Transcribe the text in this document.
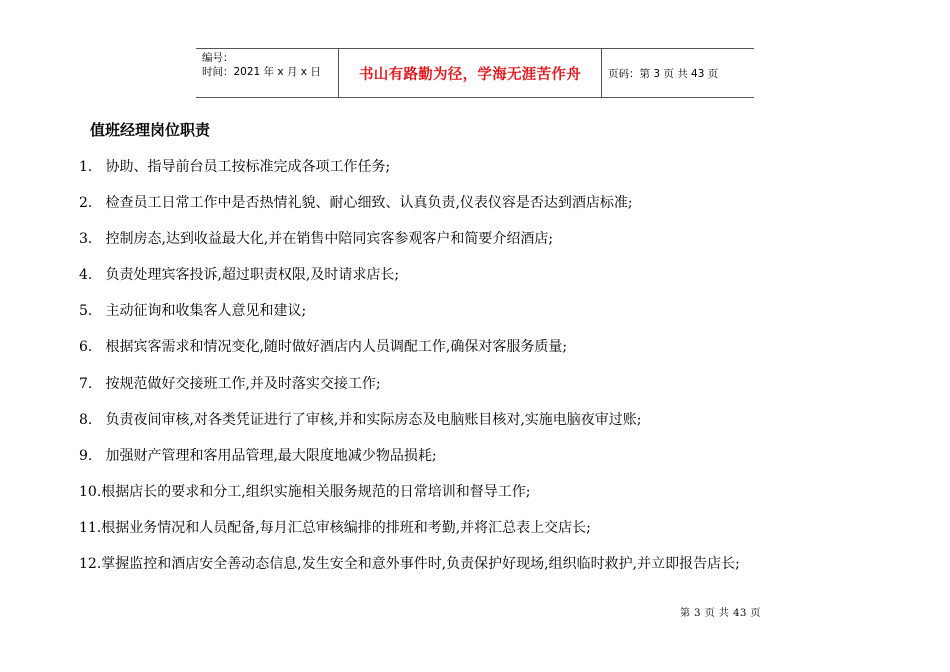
编号：
时间：2021 年 x 月 x 日	书山有路勤为径，学海无涯苦作舟	页码：第 3 页 共 43 页
值班经理岗位职责
1. 协助、指导前台员工按标准完成各项工作任务;
2. 检查员工日常工作中是否热情礼貌、耐心细致、认真负责,仪表仪容是否达到酒店标准;
3. 控制房态,达到收益最大化,并在销售中陪同宾客参观客户和简要介绍酒店;
4. 负责处理宾客投诉,超过职责权限,及时请求店长;
5. 主动征询和收集客人意见和建议;
6. 根据宾客需求和情况变化,随时做好酒店内人员调配工作,确保对客服务质量;
7. 按规范做好交接班工作,并及时落实交接工作;
8. 负责夜间审核,对各类凭证进行了审核,并和实际房态及电脑账目核对,实施电脑夜审过账;
9. 加强财产管理和客用品管理,最大限度地减少物品损耗;
10.根据店长的要求和分工,组织实施相关服务规范的日常培训和督导工作;
11.根据业务情况和人员配备,每月汇总审核编排的排班和考勤,并将汇总表上交店长;
12.掌握监控和酒店安全善动态信息,发生安全和意外事件时,负责保护好现场,组织临时救护,并立即报告店长;
第 3 页 共 43 页
